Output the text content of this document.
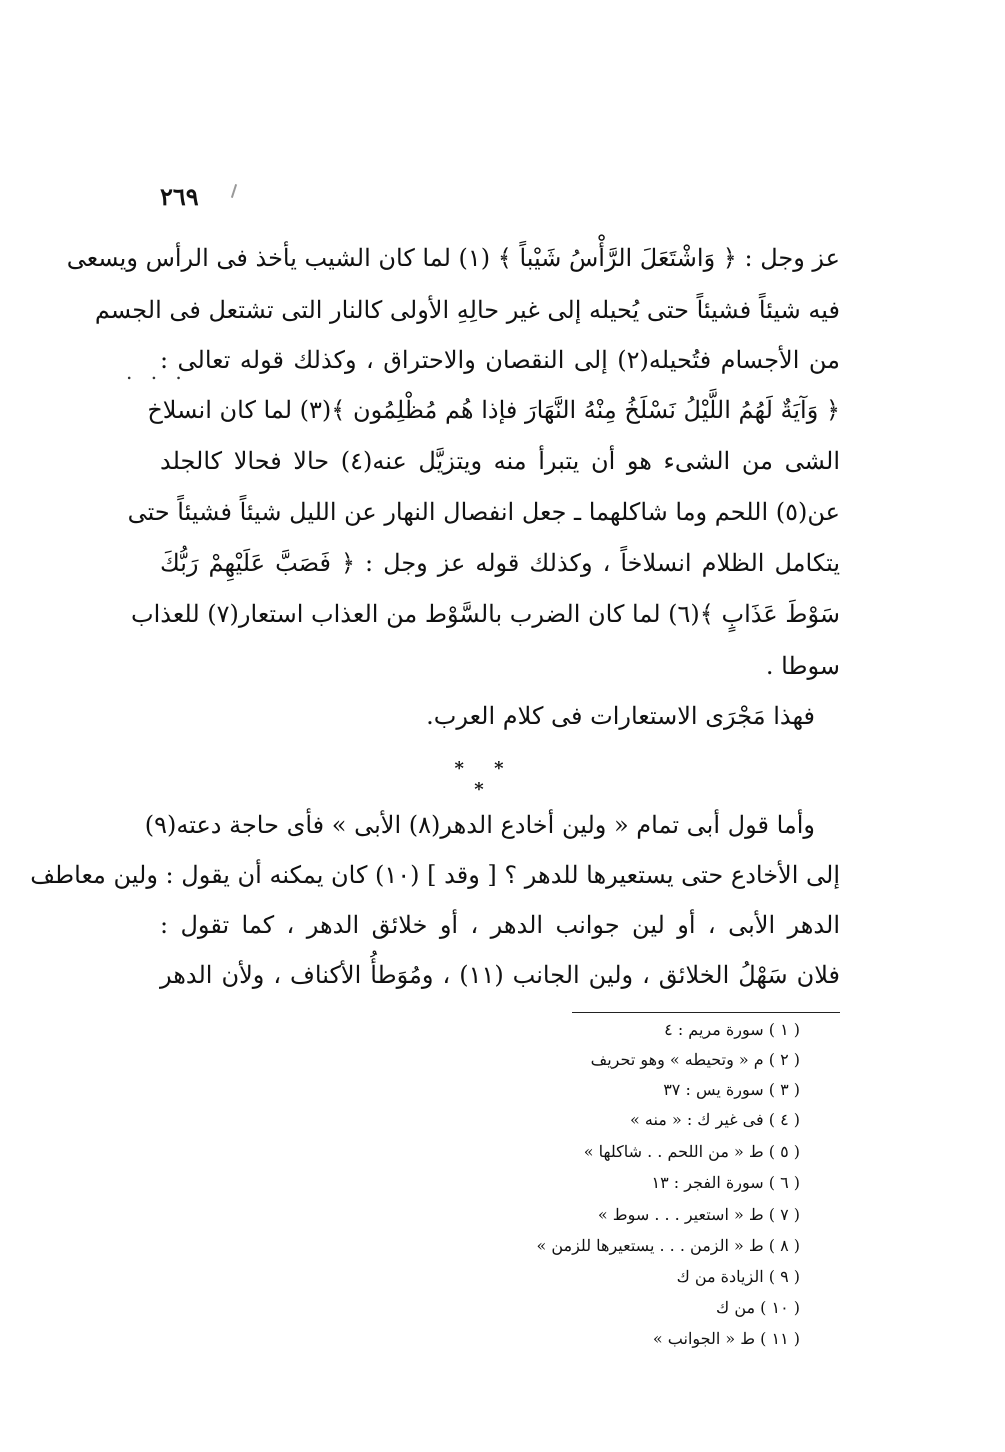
٢٦٩
. . .
عز وجل : ﴿ وَاشْتَعَلَ الرَّأْسُ شَيْباً ﴾ (١) لما كان الشيب يأخذ فى الرأس ويسعى
فيه شيئاً فشيئاً حتى يُحيله إلى غير حالِهِ الأولى كالنار التى تشتعل فى الجسم
من الأجسام فتُحيله(٢) إلى النقصان والاحتراق ، وكذلك قوله تعالى :
﴿ وَآيَةٌ لَهُمُ اللَّيْلُ نَسْلَخُ مِنْهُ النَّهَارَ فإذا هُم مُظْلِمُون ﴾(٣) لما كان انسلاخ
الشى من الشىء هو أن يتبرأ منه ويتزيَّل عنه(٤) حالا فحالا كالجلد
عن(٥) اللحم وما شاكلهما ـ جعل انفصال النهار عن الليل شيئاً فشيئاً حتى
يتكامل الظلام انسلاخاً ، وكذلك قوله عز وجل : ﴿ فَصَبَّ عَلَيْهِمْ رَبُّكَ
سَوْطَ عَذَابٍ ﴾(٦) لما كان الضرب بالسَّوْط من العذاب استعار(٧) للعذاب
سوطا .
فهذا مَجْرَى الاستعارات فى كلام العرب.
* * *
وأما قول أبى تمام « ولين أخادع الدهر(٨) الأبى » فأى حاجة دعته(٩)
إلى الأخادع حتى يستعيرها للدهر ؟ [ وقد ] (١٠) كان يمكنه أن يقول : ولين معاطف
الدهر الأبى ، أو لين جوانب الدهر ، أو خلائق الدهر ، كما تقول :
فلان سَهْلُ الخلائق ، ولين الجانب (١١) ، ومُوَطأُ الأكناف ، ولأن الدهر
( ١ ) سورة مريم : ٤
( ٢ ) م « وتحيطه » وهو تحريف
( ٣ ) سورة يس : ٣٧
( ٤ ) فى غير ك : « منه »
( ٥ ) ط « من اللحم . . شاكلها »
( ٦ ) سورة الفجر : ١٣
( ٧ ) ط « استعير . . . سوط »
( ٨ ) ط « الزمن . . . يستعيرها للزمن »
( ٩ ) الزيادة من ك
( ١٠ ) من ك
( ١١ ) ط « الجوانب »
